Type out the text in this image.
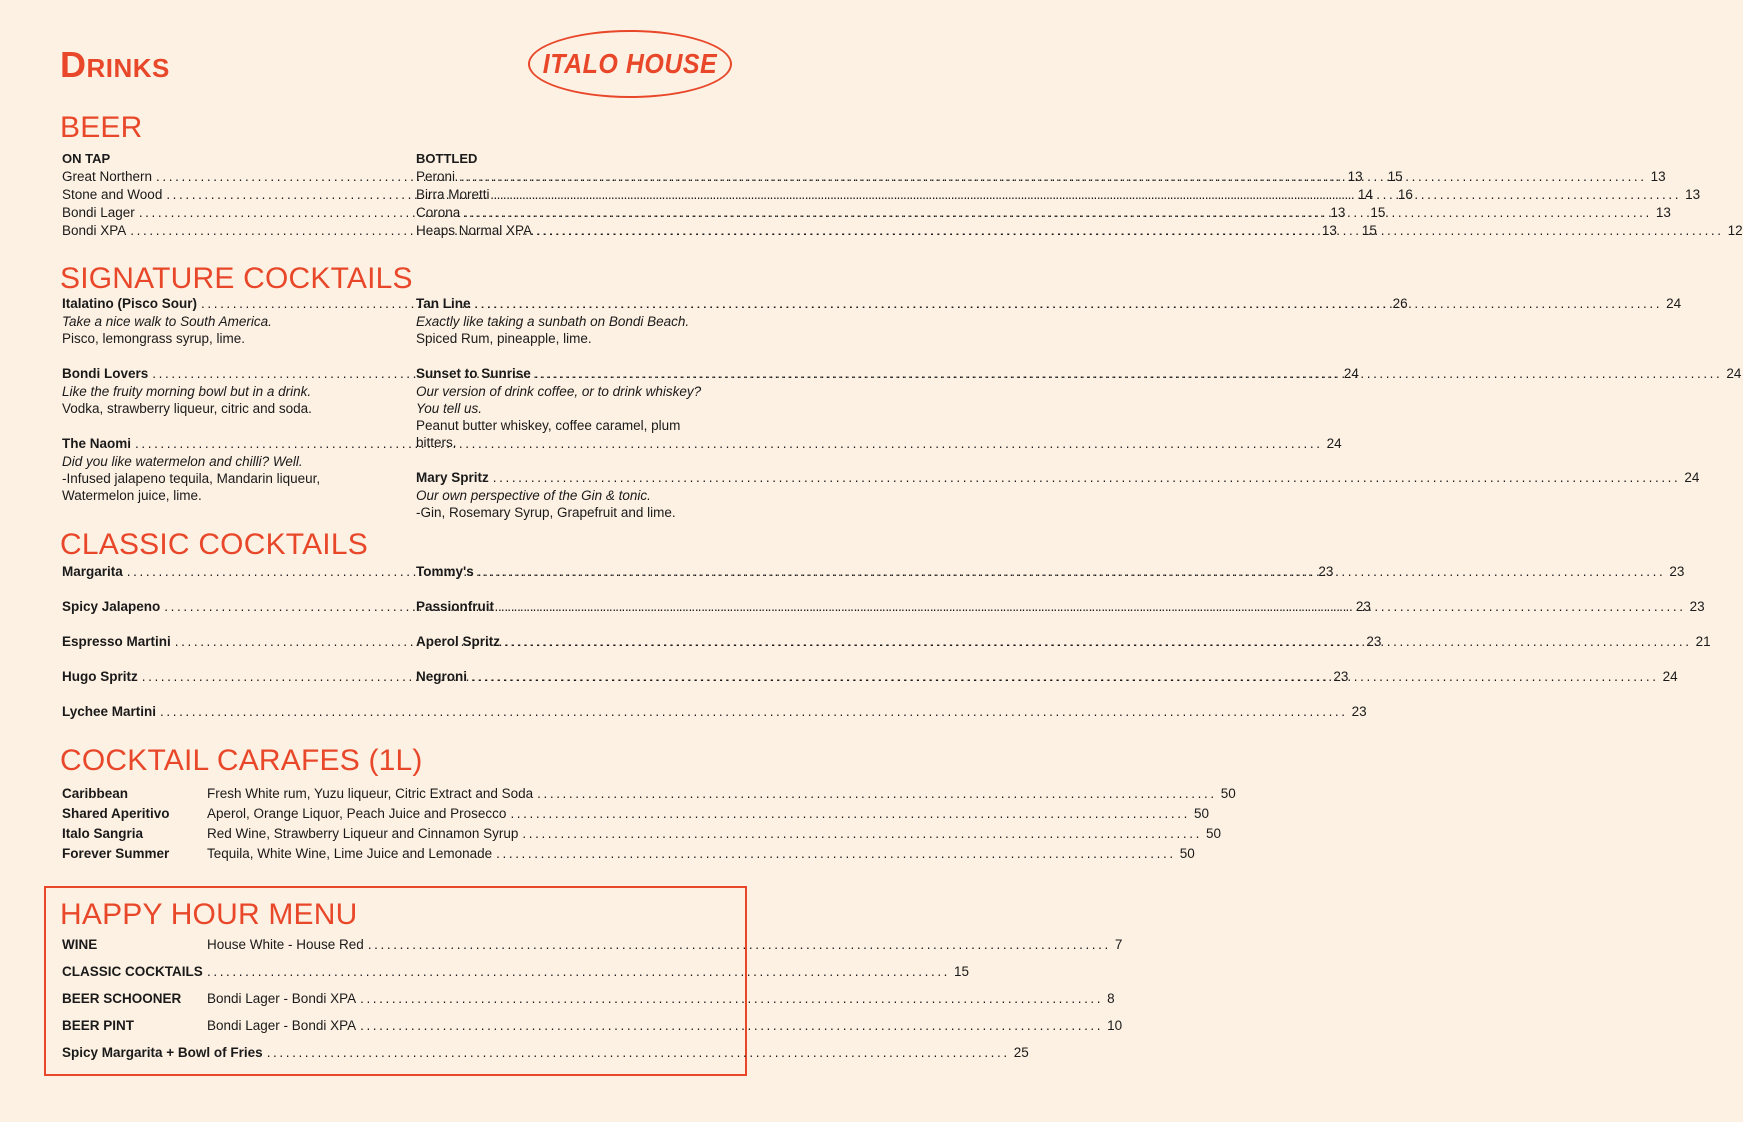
DRINKS	ITALO HOUSE
BEER
ON TAP
Great Northern .....	13	15
Stone and Wood .....	14	16
Bondi Lager .....	13	15
Bondi XPA .....	13	15
BOTTLED
Peroni .....	13
Birra Moretti .....	13
Corona .....	13
Heaps Normal XPA .....	12
SIGNATURE COCKTAILS
Italatino (Pisco Sour) .....	26
Take a nice walk to South America.
Pisco, lemongrass syrup, lime.
Bondi Lovers .....	24
Like the fruity morning bowl but in a drink.
Vodka, strawberry liqueur, citric and soda.
The Naomi .....	24
Did you like watermelon and chilli? Well.
-Infused jalapeno tequila, Mandarin liqueur, Watermelon juice, lime.
Tan Line .....	24
Exactly like taking a sunbath on Bondi Beach.
Spiced Rum, pineapple, lime.
Sunset to Sunrise .....	24
Our version of drink coffee, or to drink whiskey? You tell us.
Peanut butter whiskey, coffee caramel, plum bitters.
Mary Spritz .....	24
Our own perspective of the Gin & tonic.
-Gin, Rosemary Syrup, Grapefruit and lime.
CLASSIC COCKTAILS
Margarita .....	23
Spicy Jalapeno .....	23
Espresso Martini .....	23
Hugo Spritz .....	23
Lychee Martini .....	23
Tommy's .....	23
Passionfruit .....	23
Aperol Spritz .....	21
Negroni .....	24
COCKTAIL CARAFES (1L)
Caribbean	Fresh White rum, Yuzu liqueur, Citric Extract and Soda ........................................................................................................... 50
Shared Aperitivo	Aperol, Orange Liquor, Peach Juice and Prosecco ........................................................................................................... 50
Italo Sangria	Red Wine, Strawberry Liqueur and Cinnamon Syrup ........................................................................................................... 50
Forever Summer	Tequila, White Wine, Lime Juice and Lemonade ........................................................................................................... 50
HAPPY HOUR MENU
WINE	House White - House Red ..................................................................................................................... 7
CLASSIC COCKTAILS ..................................................................................................................... 15
BEER SCHOONER	Bondi Lager - Bondi XPA ..................................................................................................................... 8
BEER PINT	Bondi Lager - Bondi XPA ..................................................................................................................... 10
Spicy Margarita + Bowl of Fries ..................................................................................................................... 25
